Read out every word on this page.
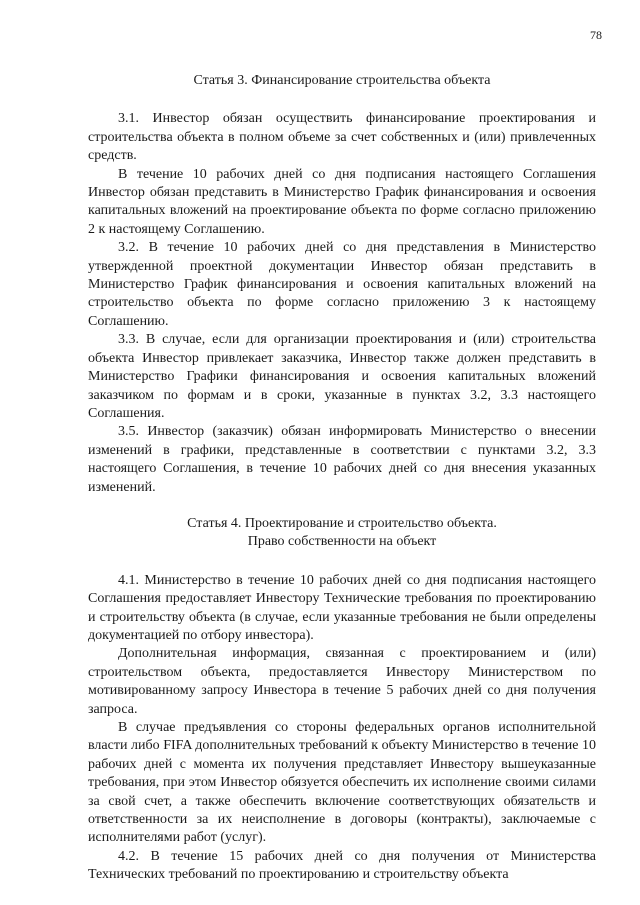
78

Статья 3. Финансирование строительства объекта

3.1. Инвестор обязан осуществить финансирование проектирования и строительства объекта в полном объеме за счет собственных и (или) привлеченных средств.

В течение 10 рабочих дней со дня подписания настоящего Соглашения Инвестор обязан представить в Министерство График финансирования и освоения капитальных вложений на проектирование объекта по форме согласно приложению 2 к настоящему Соглашению.

3.2. В течение 10 рабочих дней со дня представления в Министерство утвержденной проектной документации Инвестор обязан представить в Министерство График финансирования и освоения капитальных вложений на строительство объекта по форме согласно приложению 3 к настоящему Соглашению.

3.3. В случае, если для организации проектирования и (или) строительства объекта Инвестор привлекает заказчика, Инвестор также должен представить в Министерство Графики финансирования и освоения капитальных вложений заказчиком по формам и в сроки, указанные в пунктах 3.2, 3.3 настоящего Соглашения.

3.5. Инвестор (заказчик) обязан информировать Министерство о внесении изменений в графики, представленные в соответствии с пунктами 3.2, 3.3 настоящего Соглашения, в течение 10 рабочих дней со дня внесения указанных изменений.

Статья 4. Проектирование и строительство объекта.
Право собственности на объект

4.1. Министерство в течение 10 рабочих дней со дня подписания настоящего Соглашения предоставляет Инвестору Технические требования по проектированию и строительству объекта (в случае, если указанные требования не были определены документацией по отбору инвестора).

Дополнительная информация, связанная с проектированием и (или) строительством объекта, предоставляется Инвестору Министерством по мотивированному запросу Инвестора в течение 5 рабочих дней со дня получения запроса.

В случае предъявления со стороны федеральных органов исполнительной власти либо FIFA дополнительных требований к объекту Министерство в течение 10 рабочих дней с момента их получения представляет Инвестору вышеуказанные требования, при этом Инвестор обязуется обеспечить их исполнение своими силами за свой счет, а также обеспечить включение соответствующих обязательств и ответственности за их неисполнение в договоры (контракты), заключаемые с исполнителями работ (услуг).

4.2. В течение 15 рабочих дней со дня получения от Министерства Технических требований по проектированию и строительству объекта
